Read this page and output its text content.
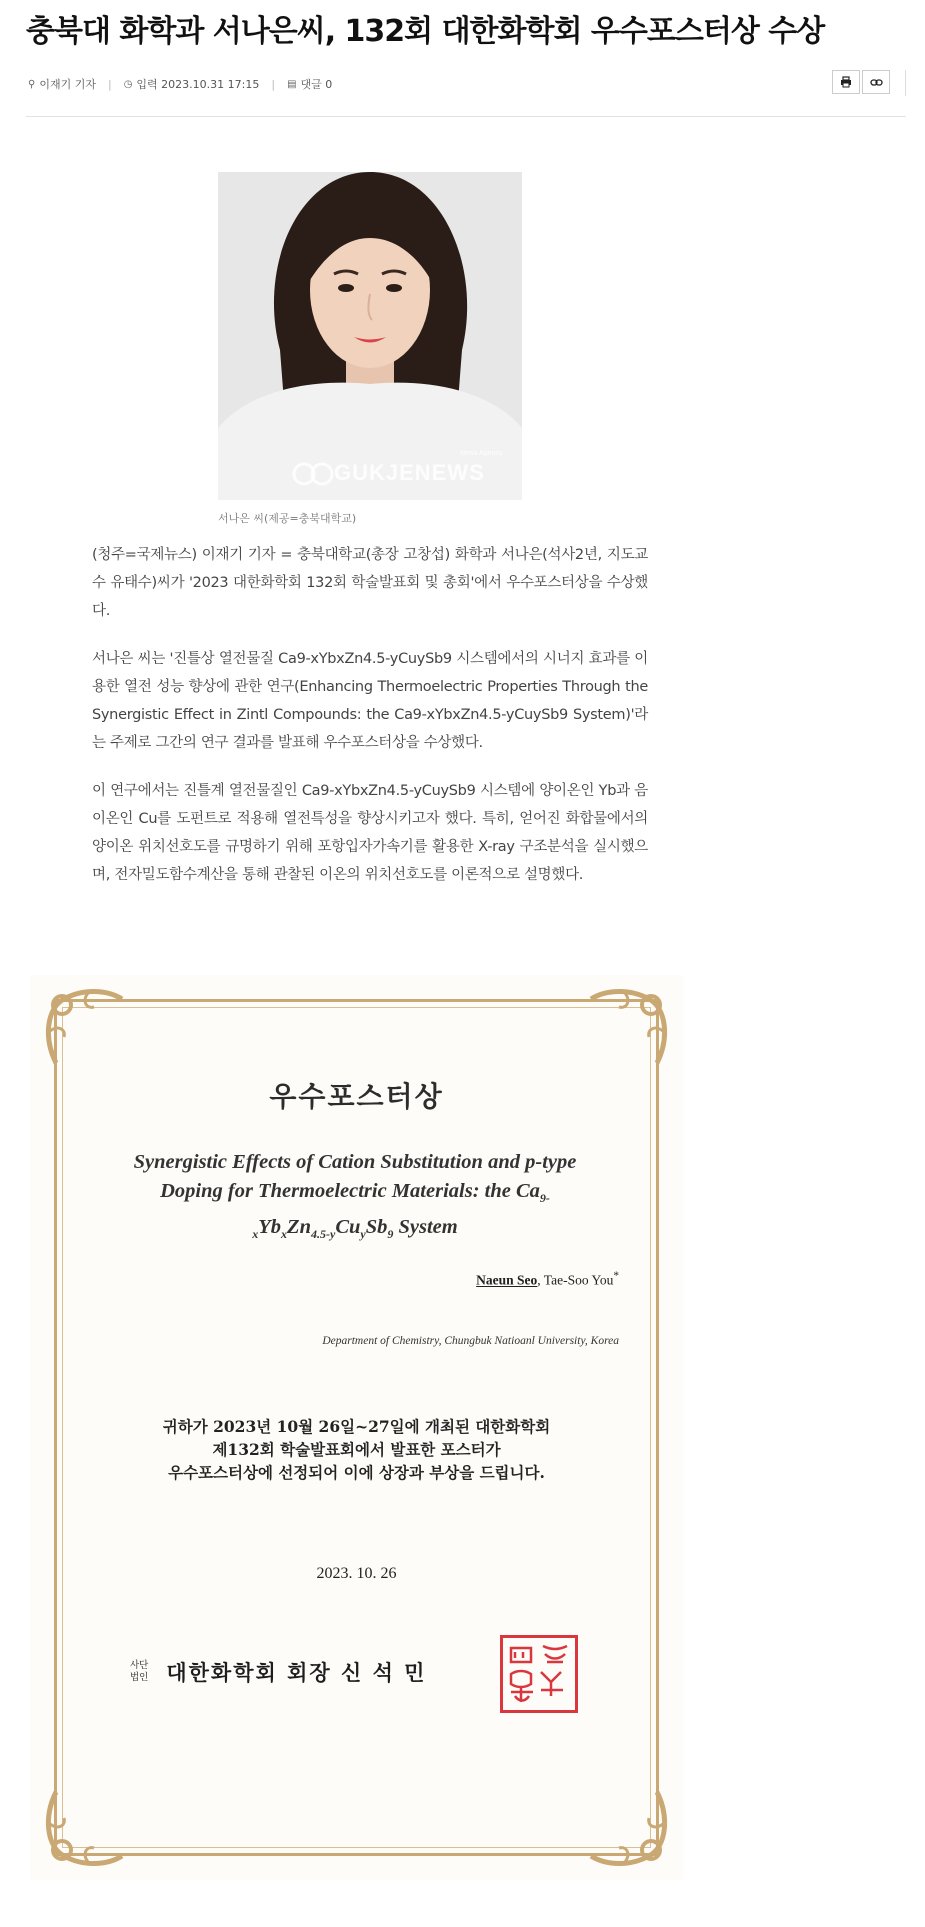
충북대 화학과 서나은씨, 132회 대한화학회 우수포스터상 수상
⚲ 이재기 기자 | ◷ 입력 2023.10.31 17:15 | ▤ 댓글 0
GUKJENEWS
News Agency
서나은 씨(제공=충북대학교)

(청주=국제뉴스) 이재기 기자 = 충북대학교(총장 고창섭) 화학과 서나은(석사2년, 지도교수 유태수)씨가 '2023 대한화학회 132회 학술발표회 및 총회'에서 우수포스터상을 수상했다.

서나은 씨는 '진틀상 열전물질 Ca9-xYbxZn4.5-yCuySb9 시스템에서의 시너지 효과를 이용한 열전 성능 향상에 관한 연구(Enhancing Thermoelectric Properties Through the Synergistic Effect in Zintl Compounds: the Ca9-xYbxZn4.5-yCuySb9 System)'라는 주제로 그간의 연구 결과를 발표해 우수포스터상을 수상했다.

이 연구에서는 진틀계 열전물질인 Ca9-xYbxZn4.5-yCuySb9 시스템에 양이온인 Yb과 음이온인 Cu를 도펀트로 적용해 열전특성을 향상시키고자 했다. 특히, 얻어진 화합물에서의 양이온 위치선호도를 규명하기 위해 포항입자가속기를 활용한 X-ray 구조분석을 실시했으며, 전자밀도함수계산을 통해 관찰된 이온의 위치선호도를 이론적으로 설명했다.

우수포스터상
Synergistic Effects of Cation Substitution and p-type
Doping for Thermoelectric Materials: the $Ca_{9-}$
$_xYb_xZn_{4.5-y}Cu_ySb_9$ System
Naeun Seo, Tae-Soo You*
Department of Chemistry, Chungbuk Natioanl University, Korea
귀하가 2023년 10월 26일~27일에 개최된 대한화학회
제132회 학술발표회에서 발표한 포스터가
우수포스터상에 선정되어 이에 상장과 부상을 드립니다.
2023. 10. 26
사단
법인 대한화학회 회장 신 석 민
